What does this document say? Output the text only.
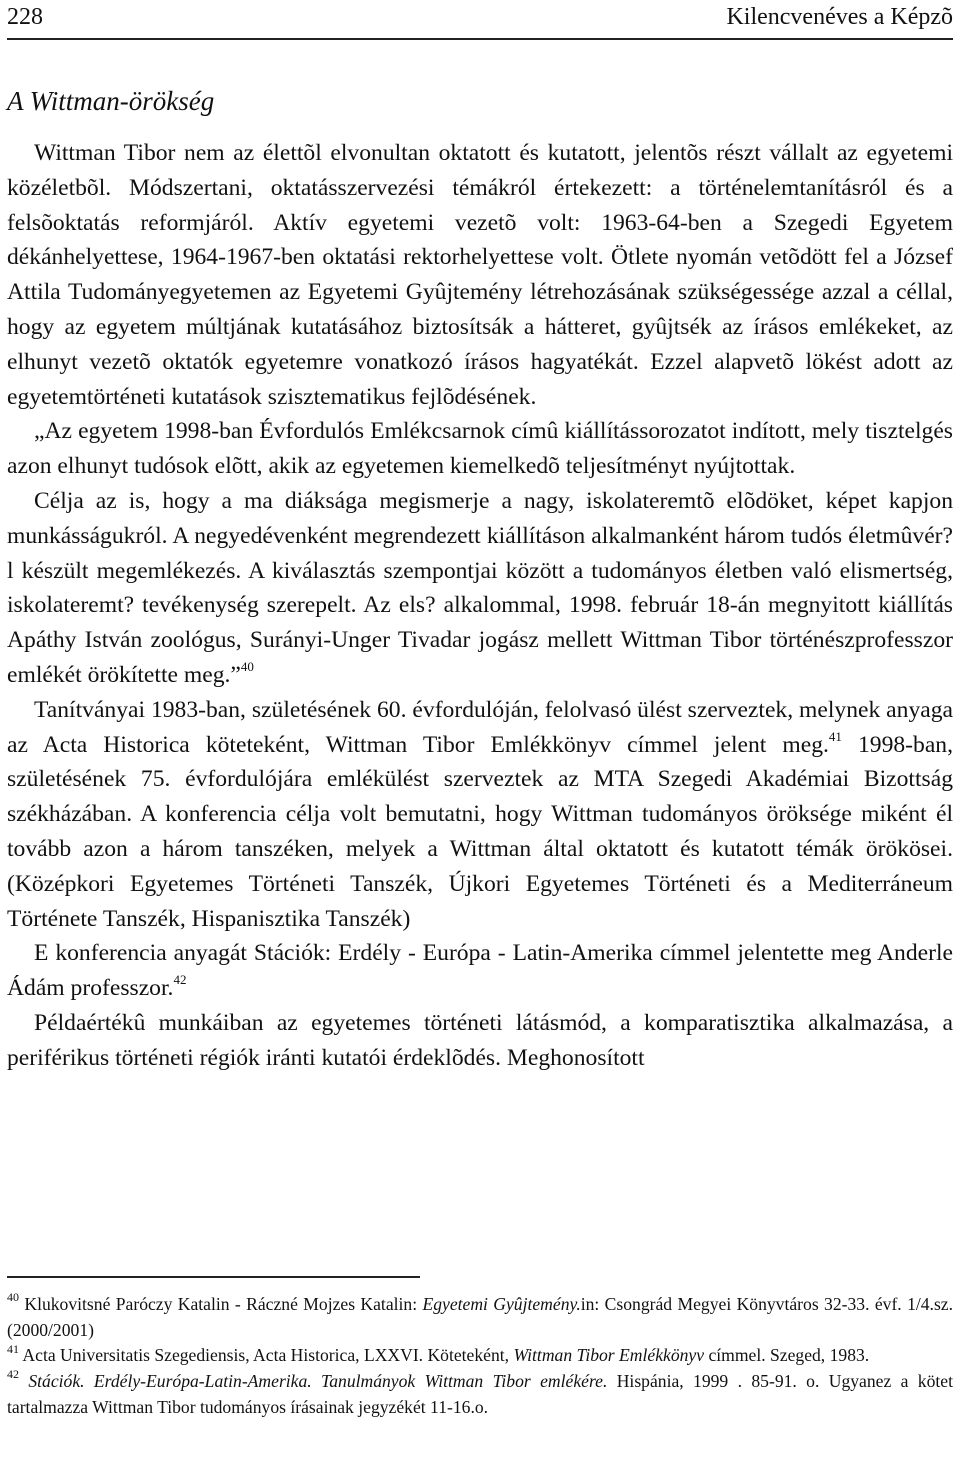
228	Kilencvenéves a Képzõ
A Wittman-örökség

Wittman Tibor nem az élettõl elvonultan oktatott és kutatott, jelentõs részt vállalt az egyetemi közéletbõl. Módszertani, oktatásszervezési témákról értekezett: a történelemtanításról és a felsõoktatás reformjáról. Aktív egyetemi vezetõ volt: 1963-64-ben a Szegedi Egyetem dékánhelyettese, 1964-1967-ben oktatási rektorhelyettese volt. Ötlete nyomán vetõdött fel a József Attila Tudományegyetemen az Egyetemi Gyûjtemény létrehozásának szükségessége azzal a céllal, hogy az egyetem múltjának kutatásához biztosítsák a hátteret, gyûjtsék az írásos emlékeket, az elhunyt vezetõ oktatók egyetemre vonatkozó írásos hagyatékát. Ezzel alapvetõ lökést adott az egyetemtörténeti kutatások szisztematikus fejlõdésének.

„Az egyetem 1998-ban Évfordulós Emlékcsarnok címû kiállítássorozatot indított, mely tisztelgés azon elhunyt tudósok elõtt, akik az egyetemen kiemelkedõ teljesítményt nyújtottak.

Célja az is, hogy a ma diáksága megismerje a nagy, iskolateremtõ elõdöket, képet kapjon munkásságukról. A negyedévenként megrendezett kiállításon alkalmanként három tudós életmûvér?l készült megemlékezés. A kiválasztás szempontjai között a tudományos életben való elismertség, iskolateremt? tevékenység szerepelt. Az els? alkalommal, 1998. február 18-án megnyitott kiállítás Apáthy István zoológus, Surányi-Unger Tivadar jogász mellett Wittman Tibor történészprofesszor emlékét örökítette meg.”$^{40}$

Tanítványai 1983-ban, születésének 60. évfordulóján, felolvasó ülést szerveztek, melynek anyaga az Acta Historica köteteként, Wittman Tibor Emlékkönyv címmel jelent meg.$^{41}$ 1998-ban, születésének 75. évfordulójára emlékülést szerveztek az MTA Szegedi Akadémiai Bizottság székházában. A konferencia célja volt bemutatni, hogy Wittman tudományos öröksége miként él tovább azon a három tanszéken, melyek a Wittman által oktatott és kutatott témák örökösei. (Középkori Egyetemes Történeti Tanszék, Újkori Egyetemes Történeti és a Mediterráneum Története Tanszék, Hispanisztika Tanszék)

E konferencia anyagát Stációk: Erdély - Európa - Latin-Amerika címmel jelentette meg Anderle Ádám professzor.$^{42}$

Példaértékû munkáiban az egyetemes történeti látásmód, a komparatisztika alkalmazása, a periférikus történeti régiók iránti kutatói érdeklõdés. Meghonosított

$^{40}$ Klukovitsné Paróczy Katalin - Ráczné Mojzes Katalin: Egyetemi Gyûjtemény.in: Csongrád Megyei Könyvtáros 32-33. évf. 1/4.sz. (2000/2001)

$^{41}$ Acta Universitatis Szegediensis, Acta Historica, LXXVI. Köteteként, Wittman Tibor Emlékkönyv címmel. Szeged, 1983.

$^{42}$ Stációk. Erdély-Európa-Latin-Amerika. Tanulmányok Wittman Tibor emlékére. Hispánia, 1999 . 85-91. o. Ugyanez a kötet tartalmazza Wittman Tibor tudományos írásainak jegyzékét 11-16.o.
